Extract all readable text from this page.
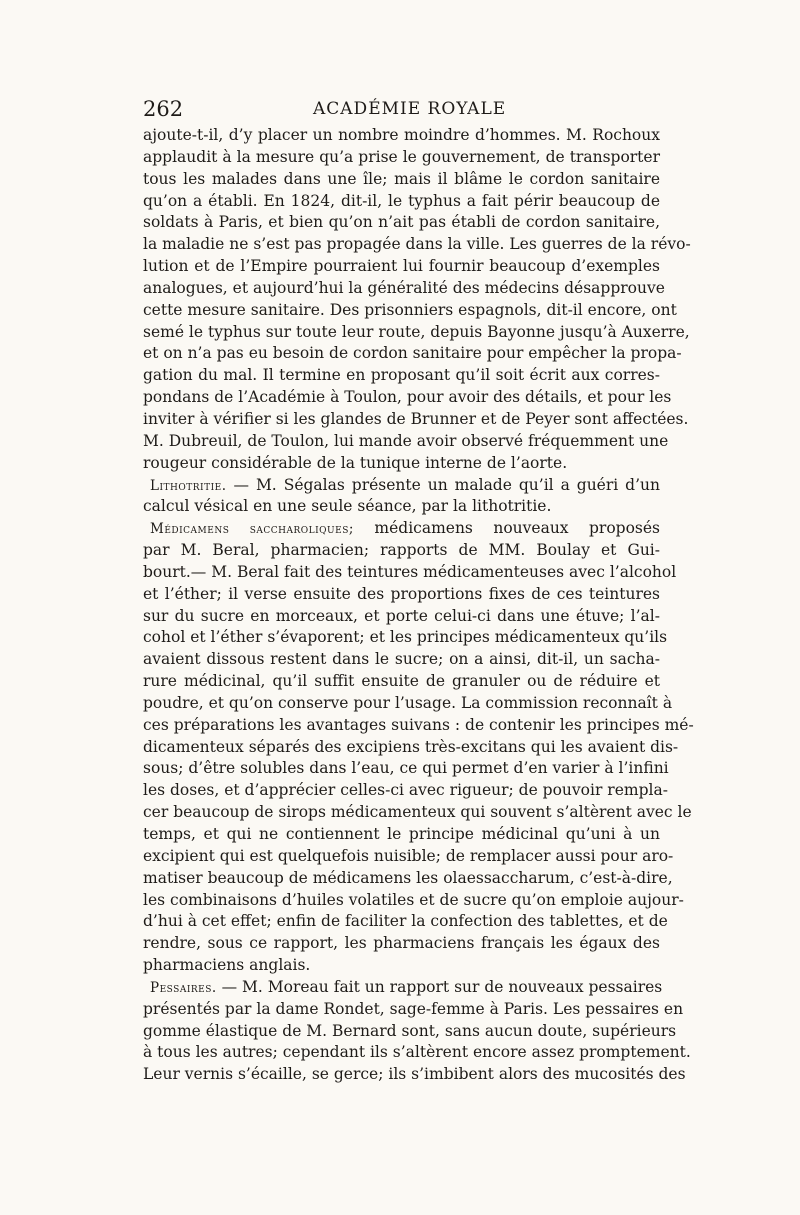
262	ACADÉMIE ROYALE
ajoute-t-il, d’y placer un nombre moindre d’hommes. M. Rochoux
applaudit à la mesure qu’a prise le gouvernement, de transporter
tous les malades dans une île; mais il blâme le cordon sanitaire
qu’on a établi. En 1824, dit-il, le typhus a fait périr beaucoup de
soldats à Paris, et bien qu’on n’ait pas établi de cordon sanitaire,
la maladie ne s’est pas propagée dans la ville. Les guerres de la révo-
lution et de l’Empire pourraient lui fournir beaucoup d’exemples
analogues, et aujourd’hui la généralité des médecins désapprouve
cette mesure sanitaire. Des prisonniers espagnols, dit-il encore, ont
semé le typhus sur toute leur route, depuis Bayonne jusqu’à Auxerre,
et on n’a pas eu besoin de cordon sanitaire pour empêcher la propa-
gation du mal. Il termine en proposant qu’il soit écrit aux corres-
pondans de l’Académie à Toulon, pour avoir des détails, et pour les
inviter à vérifier si les glandes de Brunner et de Peyer sont affectées.
M. Dubreuil, de Toulon, lui mande avoir observé fréquemment une
rougeur considérable de la tunique interne de l’aorte.
Lithotritie. — M. Ségalas présente un malade qu’il a guéri d’un
calcul vésical en une seule séance, par la lithotritie.
Médicamens saccharoliques; médicamens nouveaux proposés
par M. Beral, pharmacien; rapports de MM. Boulay et Gui-
bourt.— M. Beral fait des teintures médicamenteuses avec l’alcohol
et l’éther; il verse ensuite des proportions fixes de ces teintures
sur du sucre en morceaux, et porte celui-ci dans une étuve; l’al-
cohol et l’éther s’évaporent; et les principes médicamenteux qu’ils
avaient dissous restent dans le sucre; on a ainsi, dit-il, un sacha-
rure médicinal, qu’il suffit ensuite de granuler ou de réduire et
poudre, et qu’on conserve pour l’usage. La commission reconnaît à
ces préparations les avantages suivans : de contenir les principes mé-
dicamenteux séparés des excipiens très-excitans qui les avaient dis-
sous; d’être solubles dans l’eau, ce qui permet d’en varier à l’infini
les doses, et d’apprécier celles-ci avec rigueur; de pouvoir rempla-
cer beaucoup de sirops médicamenteux qui souvent s’altèrent avec le
temps, et qui ne contiennent le principe médicinal qu’uni à un
excipient qui est quelquefois nuisible; de remplacer aussi pour aro-
matiser beaucoup de médicamens les olaessaccharum, c’est-à-dire,
les combinaisons d’huiles volatiles et de sucre qu’on emploie aujour-
d’hui à cet effet; enfin de faciliter la confection des tablettes, et de
rendre, sous ce rapport, les pharmaciens français les égaux des
pharmaciens anglais.
Pessaires. — M. Moreau fait un rapport sur de nouveaux pessaires
présentés par la dame Rondet, sage-femme à Paris. Les pessaires en
gomme élastique de M. Bernard sont, sans aucun doute, supérieurs
à tous les autres; cependant ils s’altèrent encore assez promptement.
Leur vernis s’écaille, se gerce; ils s’imbibent alors des mucosités des
